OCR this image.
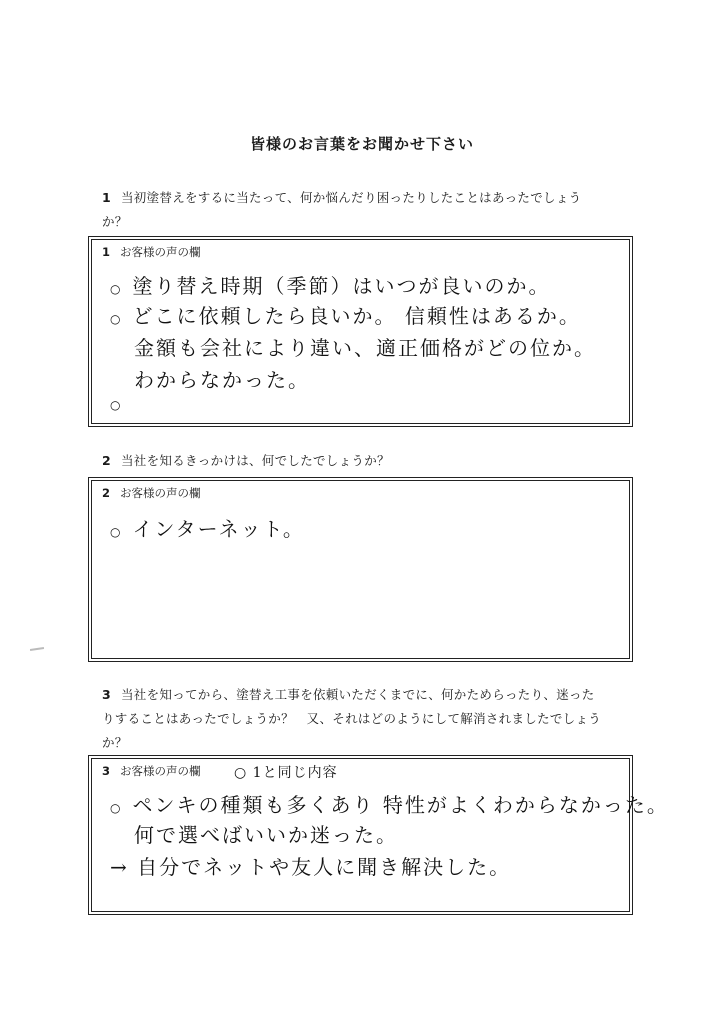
皆様のお言葉をお聞かせ下さい
1 当初塗替えをするに当たって、何か悩んだり困ったりしたことはあったでしょう
か？
1 お客様の声の欄
○ 塗り替え時期（季節）はいつが良いのか。
○ どこに依頼したら良いか。 信頼性はあるか。
金額も会社により違い、適正価格がどの位か。
わからなかった。
○
2 当社を知るきっかけは、何でしたでしょうか？
2 お客様の声の欄
○ インターネット。
3 当社を知ってから、塗替え工事を依頼いただくまでに、何かためらったり、迷った
りすることはあったでしょうか？　又、それはどのようにして解消されましたでしょう
か？
3 お客様の声の欄 ○ 1と同じ内容
○ ペンキの種類も多くあり 特性がよくわからなかった。
何で選べばいいか迷った。
→ 自分でネットや友人に聞き解決した。
